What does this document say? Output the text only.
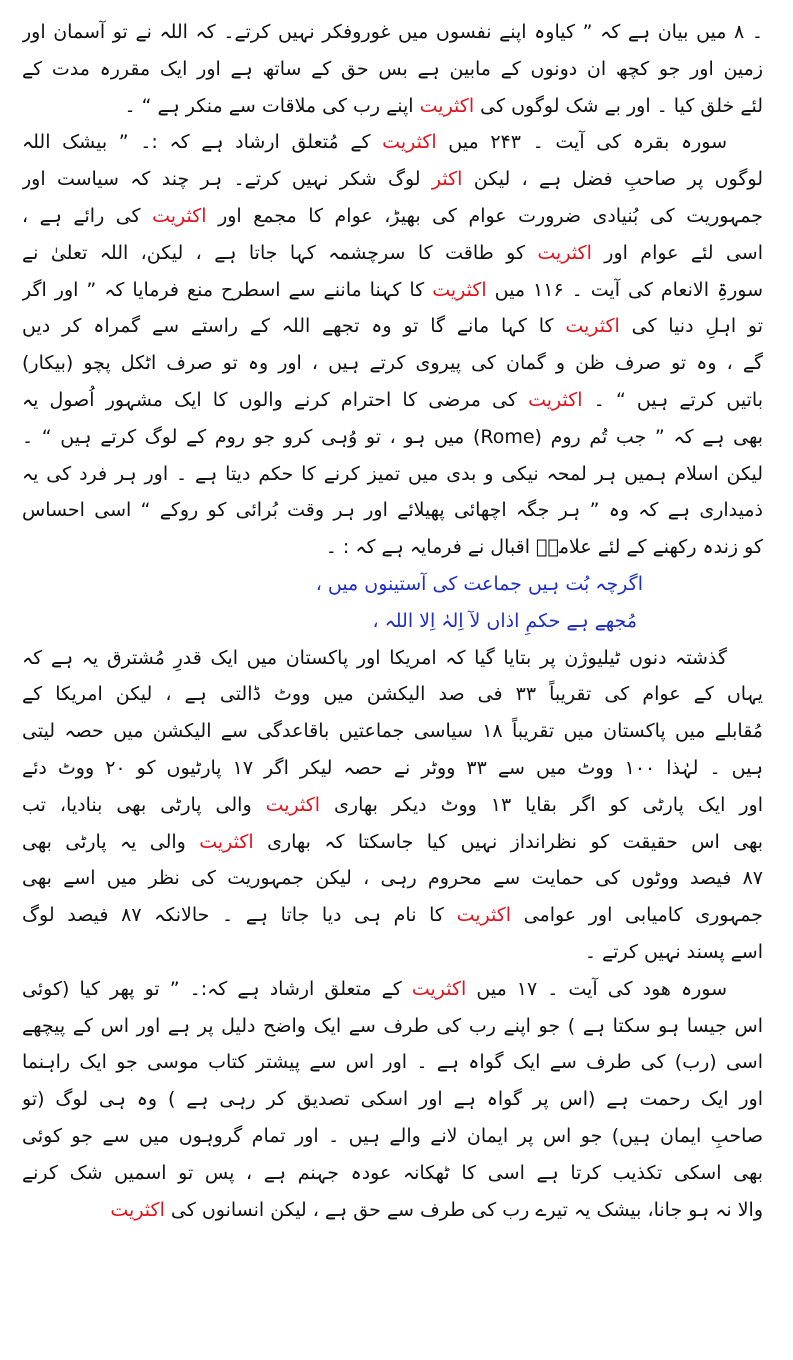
۔ ۸ میں بیان ہے کہ ” کیاوہ اپنے نفسوں میں غوروفکر نہیں کرتے۔ کہ اللہ نے تو آسمان اور
زمین اور جو کچھ ان دونوں کے مابین ہے بس حق کے ساتھ ہے اور ایک مقررہ مدت کے
لئے خلق کیا ۔ اور بے شک لوگوں کی اکثریت اپنے رب کی ملاقات سے منکر ہے “ ۔
سورہ بقرہ کی آیت ۔ ۲۴۳ میں اکثریت کے مُتعلق ارشاد ہے کہ :۔ ” بیشک اللہ
لوگوں پر صاحبِ فضل ہے ، لیکن اکثر لوگ شکر نہیں کرتے۔ ہر چند کہ سیاست اور
جمہوریت کی بُنیادی ضرورت عوام کی بھیڑ، عوام کا مجمع اور اکثریت کی رائے ہے ،
اسی لئے عوام اور اکثریت کو طاقت کا سرچشمہ کہا جاتا ہے ، لیکن، اللہ تعلیٰ نے
سورۃِ الانعام کی آیت ۔ ۱۱۶ میں اکثریت کا کہنا ماننے سے اسطرح منع فرمایا کہ ” اور اگر
تو اہلِ دنیا کی اکثریت کا کہا مانے گا تو وہ تجھے اللہ کے راستے سے گمراہ کر دیں
گے ، وہ تو صرف ظن و گمان کی پیروی کرتے ہیں ، اور وہ تو صرف اٹکل پچو (بیکار)
باتیں کرتے ہیں “ ۔ اکثریت کی مرضی کا احترام کرنے والوں کا ایک مشہور اُصول یہ
بھی ہے کہ ” جب تُم روم (Rome) میں ہو ، تو وُہی کرو جو روم کے لوگ کرتے ہیں “ ۔
لیکن اسلام ہمیں ہر لمحہ نیکی و بدی میں تمیز کرنے کا حکم دیتا ہے ۔ اور ہر فرد کی یہ
ذمیداری ہے کہ وہ ” ہر جگہ اچھائی پھیلائے اور ہر وقت بُرائی کو روکے “ اسی احساس
کو زندہ رکھنے کے لئے علامہؒ اقبال نے فرمایہ ہے کہ : ۔
اگرچہ بُت ہیں جماعت کی آستینوں میں ،
مُجھے ہے حکمِ اذاں لآ اِلہٰ اِلا اللہ ،
گذشتہ دنوں ٹیلیوژن پر بتایا گیا کہ امریکا اور پاکستان میں ایک قدرِ مُشترق یہ ہے کہ
یہاں کے عوام کی تقریباً ۳۳ فی صد الیکشن میں ووٹ ڈالتی ہے ، لیکن امریکا کے
مُقابلے میں پاکستان میں تقریباً ۱۸ سیاسی جماعتیں باقاعدگی سے الیکشن میں حصہ لیتی
ہیں ۔ لہٰذا ۱۰۰ ووٹ میں سے ۳۳ ووٹر نے حصہ لیکر اگر ۱۷ پارٹیوں کو ۲۰ ووٹ دئے
اور ایک پارٹی کو اگر بقایا ۱۳ ووٹ دیکر بھاری اکثریت والی پارٹی بھی بنادیا، تب
بھی اس حقیقت کو نظرانداز نہیں کیا جاسکتا کہ بھاری اکثریت والی یہ پارٹی بھی
۸۷ فیصد ووٹوں کی حمایت سے محروم رہی ، لیکن جمہوریت کی نظر میں اسے بھی
جمہوری کامیابی اور عوامی اکثریت کا نام ہی دیا جاتا ہے ۔ حالانکہ ۸۷ فیصد لوگ
اسے پسند نہیں کرتے ۔
سورہ ھود کی آیت ۔ ۱۷ میں اکثریت کے متعلق ارشاد ہے کہ:۔ ” تو پھر کیا (کوئی
اس جیسا ہو سکتا ہے ) جو اپنے رب کی طرف سے ایک واضح دلیل پر ہے اور اس کے پیچھے
اسی (رب) کی طرف سے ایک گواہ ہے ۔ اور اس سے پیشتر کتاب موسی جو ایک راہنما
اور ایک رحمت ہے (اس پر گواہ ہے اور اسکی تصدیق کر رہی ہے ) وہ ہی لوگ (تو
صاحبِ ایمان ہیں) جو اس پر ایمان لانے والے ہیں ۔ اور تمام گروہوں میں سے جو کوئی
بھی اسکی تکذیب کرتا ہے اسی کا ٹھکانہ عودہ جہنم ہے ، پس تو اسمیں شک کرنے
والا نہ ہو جانا، بیشک یہ تیرے رب کی طرف سے حق ہے ، لیکن انسانوں کی اکثریت
